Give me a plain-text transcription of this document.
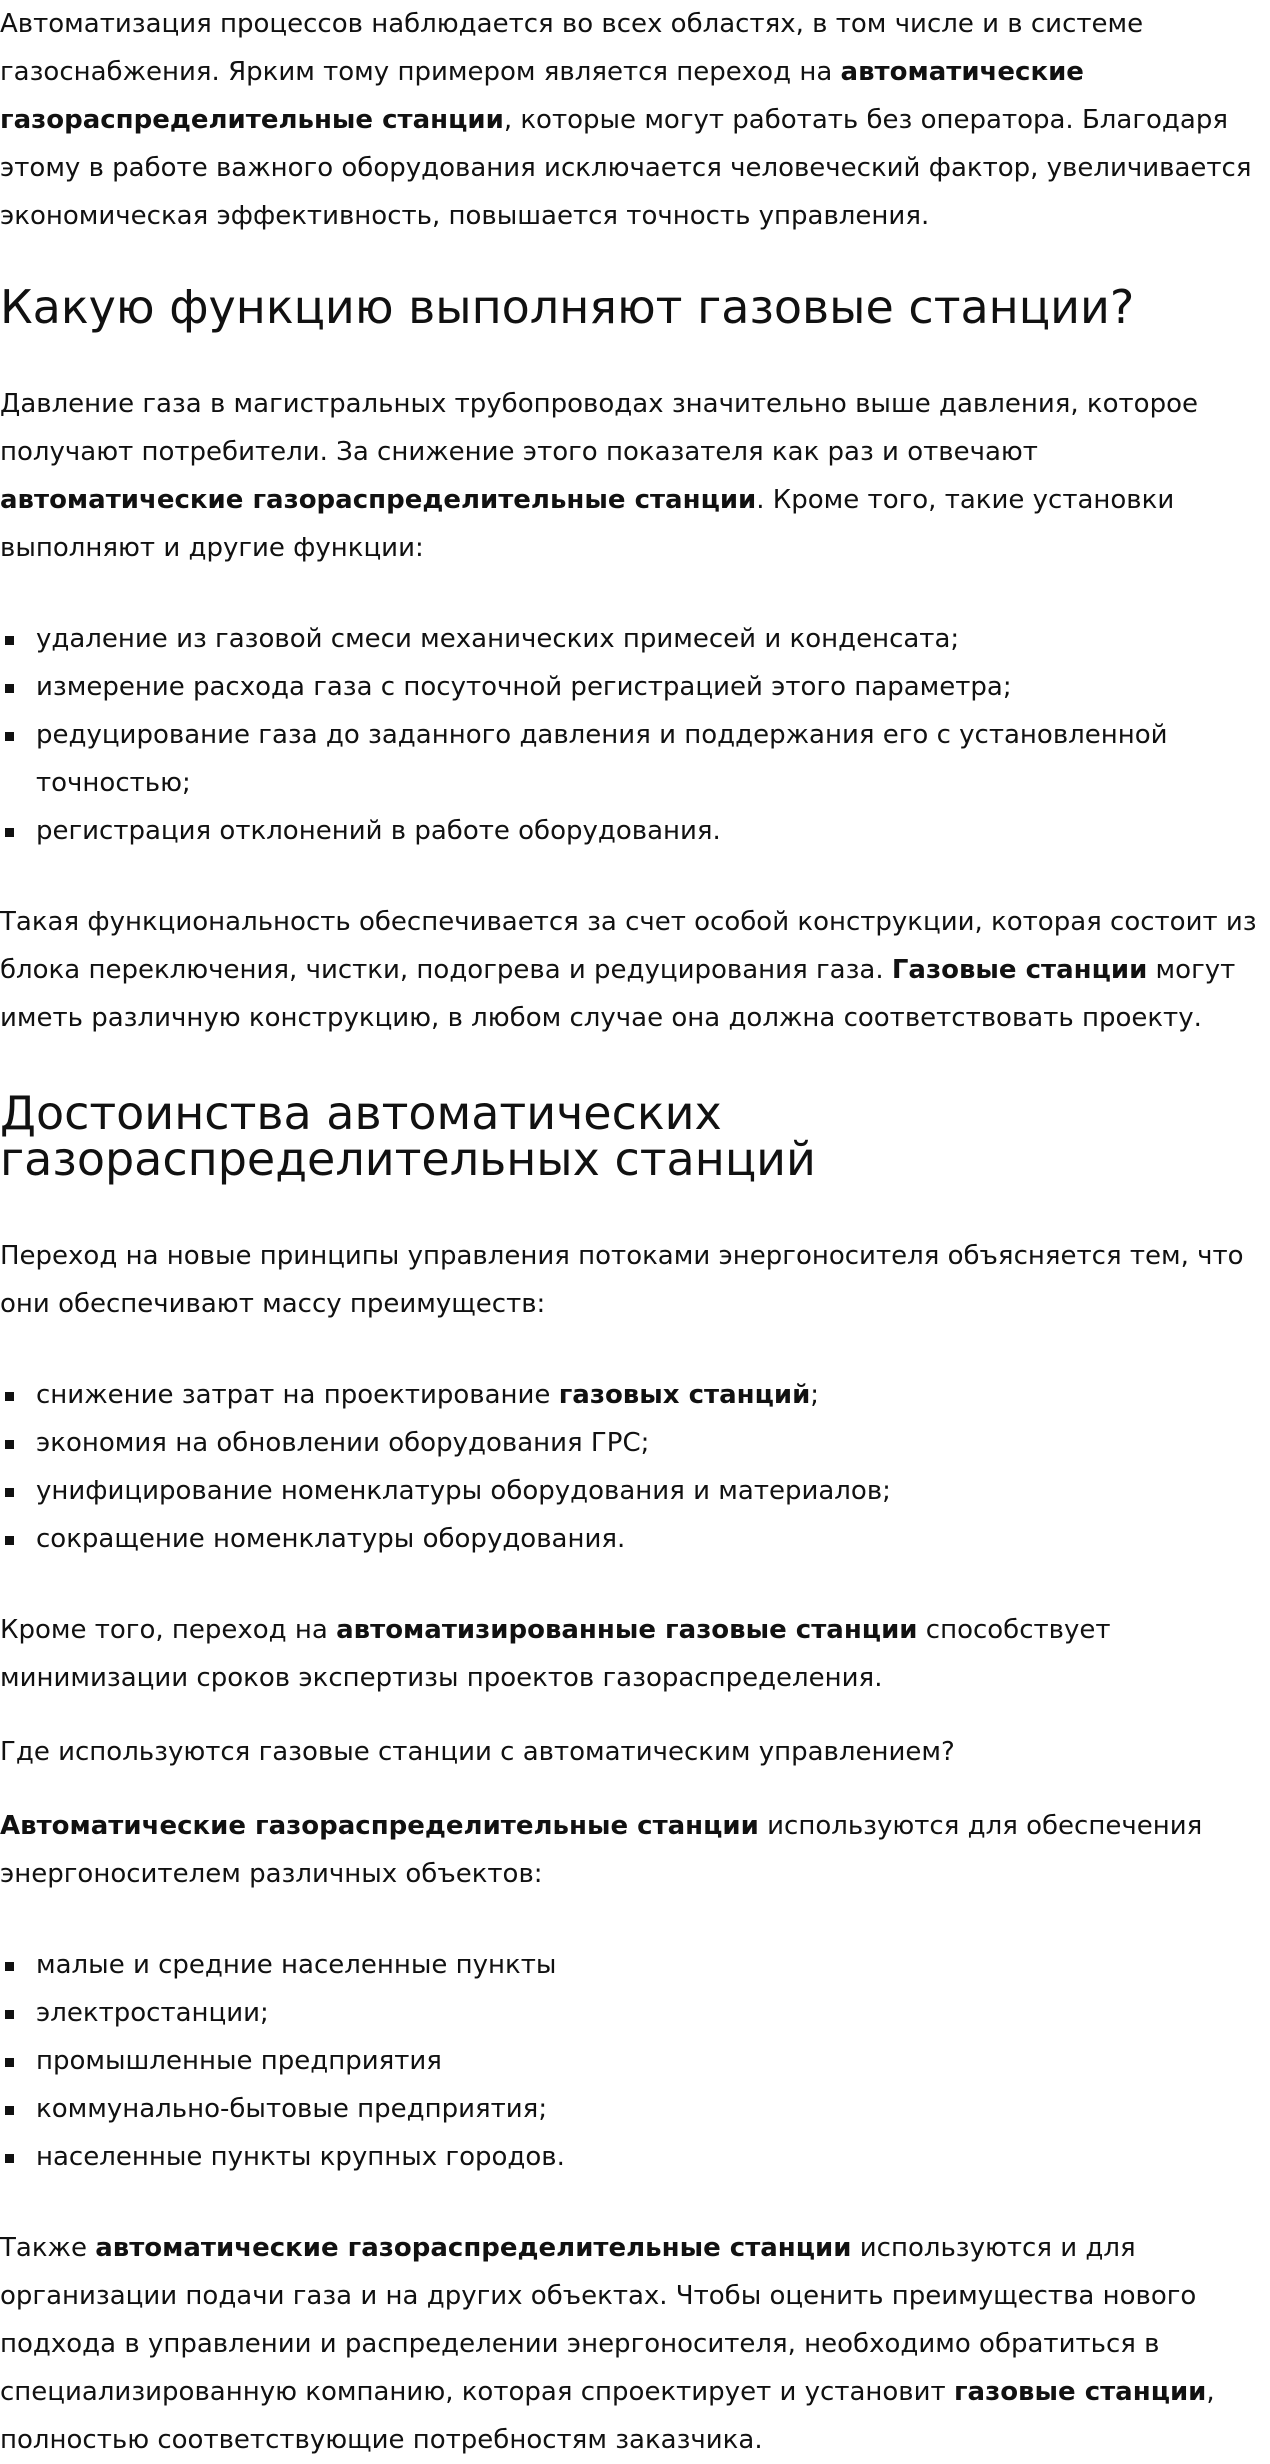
Автоматизация процессов наблюдается во всех областях, в том числе и в системе газоснабжения. Ярким тому примером является переход на автоматические газораспределительные станции, которые могут работать без оператора. Благодаря этому в работе важного оборудования исключается человеческий фактор, увеличивается экономическая эффективность, повышается точность управления.

Какую функцию выполняют газовые станции?

Давление газа в магистральных трубопроводах значительно выше давления, которое получают потребители. За снижение этого показателя как раз и отвечают автоматические газораспределительные станции. Кроме того, такие установки выполняют и другие функции:

удаление из газовой смеси механических примесей и конденсата;
измерение расхода газа с посуточной регистрацией этого параметра;
редуцирование газа до заданного давления и поддержания его с установленной точностью;
регистрация отклонений в работе оборудования.

Такая функциональность обеспечивается за счет особой конструкции, которая состоит из блока переключения, чистки, подогрева и редуцирования газа. Газовые станции могут иметь различную конструкцию, в любом случае она должна соответствовать проекту.

Достоинства автоматических газораспределительных станций

Переход на новые принципы управления потоками энергоносителя объясняется тем, что они обеспечивают массу преимуществ:

снижение затрат на проектирование газовых станций;
экономия на обновлении оборудования ГРС;
унифицирование номенклатуры оборудования и материалов;
сокращение номенклатуры оборудования.

Кроме того, переход на автоматизированные газовые станции способствует минимизации сроков экспертизы проектов газораспределения.

Где используются газовые станции с автоматическим управлением?

Автоматические газораспределительные станции используются для обеспечения энергоносителем различных объектов:

малые и средние населенные пункты
электростанции;
промышленные предприятия
коммунально-бытовые предприятия;
населенные пункты крупных городов.

Также автоматические газораспределительные станции используются и для организации подачи газа и на других объектах. Чтобы оценить преимущества нового подхода в управлении и распределении энергоносителя, необходимо обратиться в специализированную компанию, которая спроектирует и установит газовые станции, полностью соответствующие потребностям заказчика.
